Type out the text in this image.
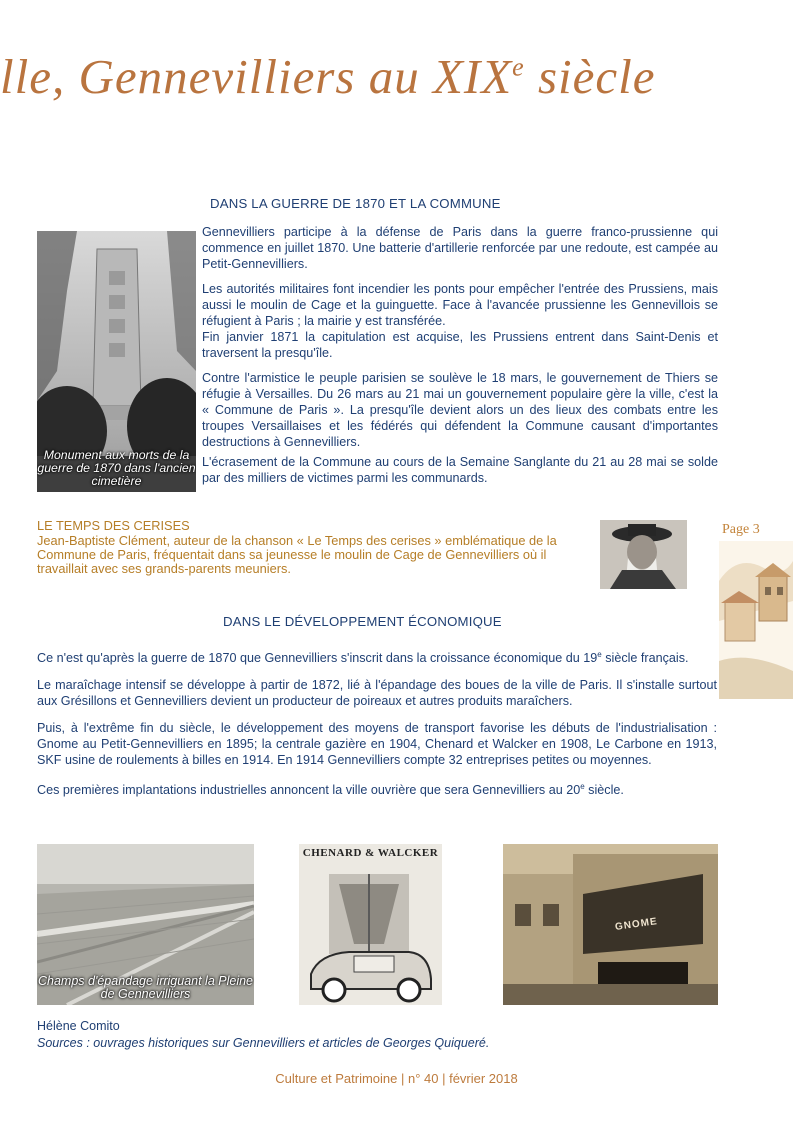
lle, Gennevilliers au XIXe siècle
DANS LA GUERRE DE 1870 ET LA COMMUNE
Monument aux morts de la guerre de 1870 dans l'ancien cimetière

Gennevilliers participe à la défense de Paris dans la guerre franco-prussienne qui commence en juillet 1870. Une batterie d'artillerie renforcée par une redoute, est campée au Petit-Gennevilliers.

Les autorités militaires font incendier les ponts pour empêcher l'entrée des Prussiens, mais aussi le moulin de Cage et la guinguette. Face à l'avancée prussienne les Gennevillois se réfugient à Paris ; la mairie y est transférée.

Fin janvier 1871 la capitulation est acquise, les Prussiens entrent dans Saint-Denis et traversent la presqu'île.

Contre l'armistice le peuple parisien se soulève le 18 mars, le gouvernement de Thiers se réfugie à Versailles. Du 26 mars au 21 mai un gouvernement populaire gère la ville, c'est la « Commune de Paris ». La presqu'île devient alors un des lieux des combats entre les troupes Versaillaises et les fédérés qui défendent la Commune causant d'importantes destructions à Gennevilliers.

L'écrasement de la Commune au cours de la Semaine Sanglante du 21 au 28 mai se solde par des milliers de victimes parmi les communards.

LE TEMPS DES CERISES
Jean-Baptiste Clément, auteur de la chanson « Le Temps des cerises » emblématique de la Commune de Paris, fréquentait dans sa jeunesse le moulin de Cage de Gennevilliers où il travaillait avec ses grands-parents meuniers.
Page 3
DANS LE DÉVELOPPEMENT ÉCONOMIQUE

Ce n'est qu'après la guerre de 1870 que Gennevilliers s'inscrit dans la croissance économique du 19e siècle français.

Le maraîchage intensif se développe à partir de 1872, lié à l'épandage des boues de la ville de Paris. Il s'installe surtout aux Grésillons et Gennevilliers devient un producteur de poireaux et autres produits maraîchers.

Puis, à l'extrême fin du siècle, le développement des moyens de transport favorise les débuts de l'industrialisation : Gnome au Petit-Gennevilliers en 1895; la centrale gazière en 1904, Chenard et Walcker en 1908, Le Carbone en 1913, SKF usine de roulements à billes en 1914. En 1914 Gennevilliers compte 32 entreprises petites ou moyennes.

Ces premières implantations industrielles annoncent la ville ouvrière que sera Gennevilliers au 20e siècle.

Champs d'épandage irriguant la Pleine de Gennevilliers
CHENARD & WALCKER
GNOME
Hélène Comito
Sources : ouvrages historiques sur Gennevilliers et articles de Georges Quiqueré.
Culture et Patrimoine | n° 40 | février 2018
